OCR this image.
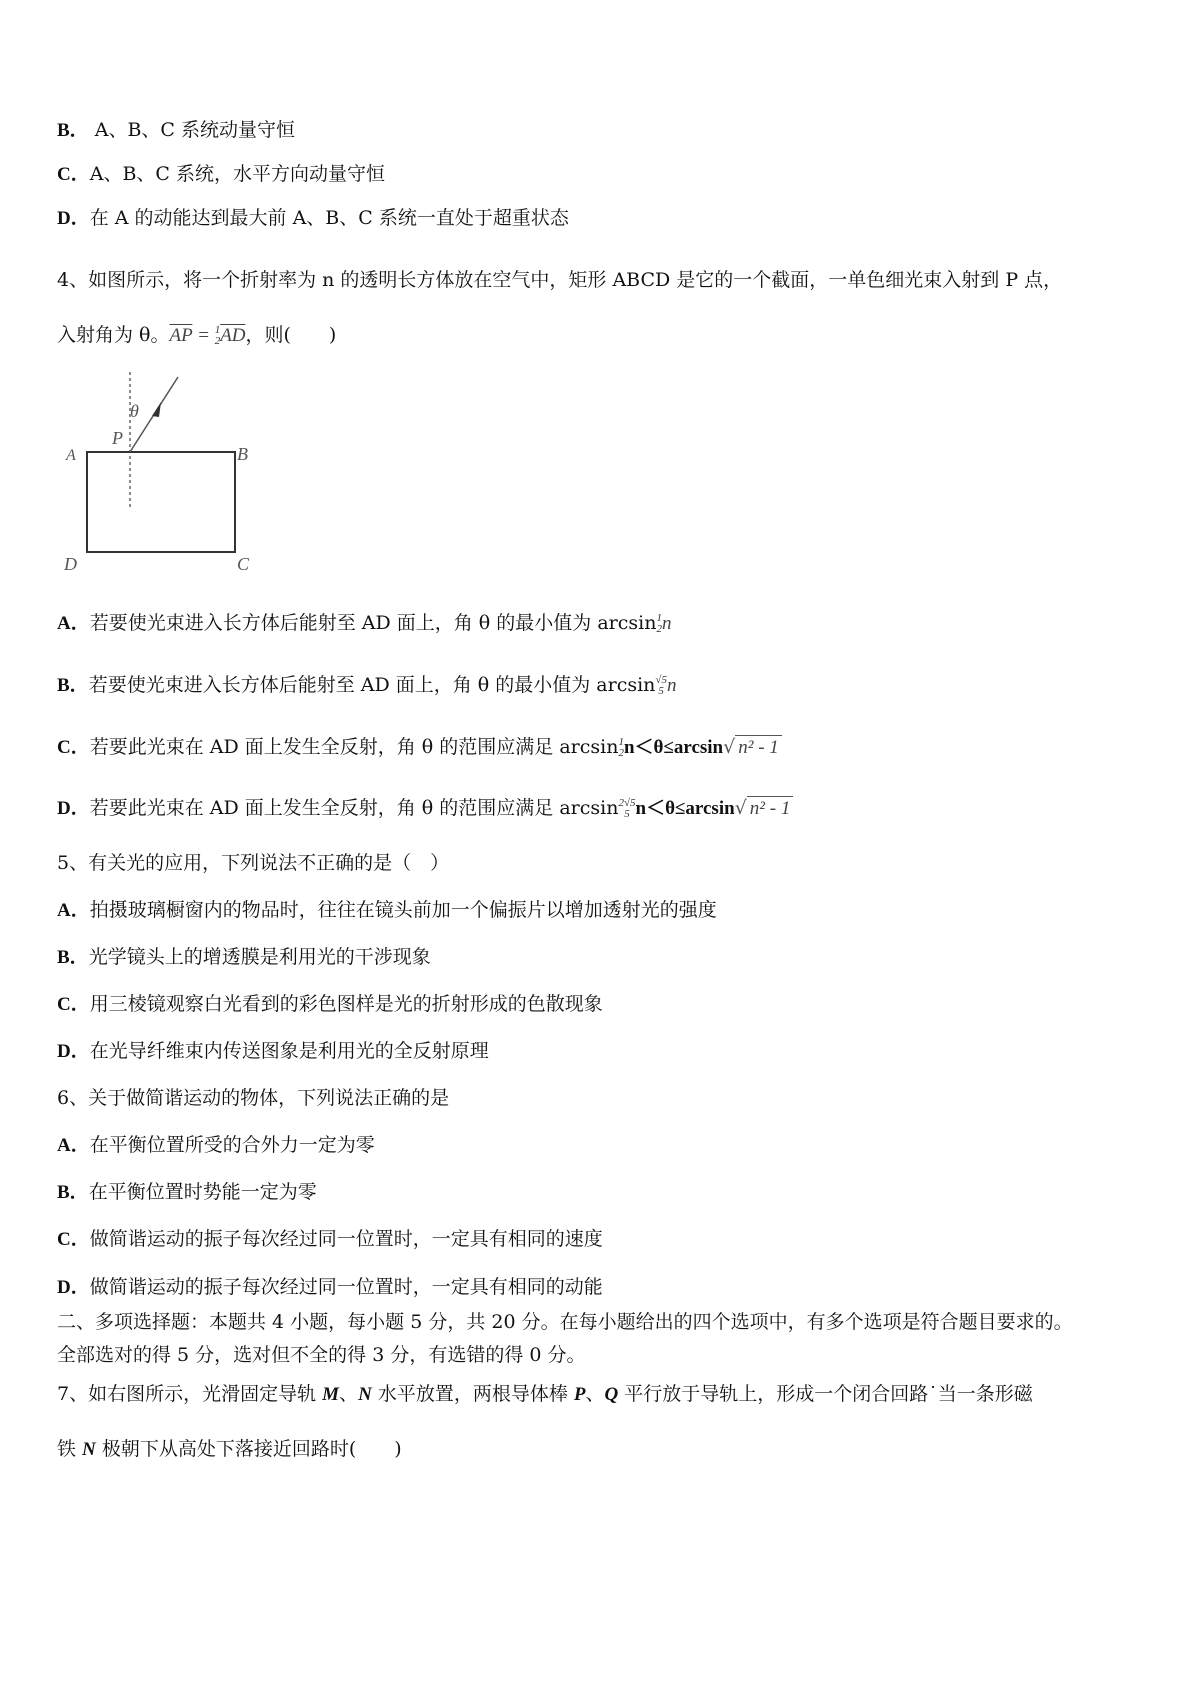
B． A、B、C 系统动量守恒
C．A、B、C 系统，水平方向动量守恒
D．在 A 的动能达到最大前 A、B、C 系统一直处于超重状态
4、如图所示，将一个折射率为 n 的透明长方体放在空气中，矩形 ABCD 是它的一个截面，一单色细光束入射到 P 点，
入射角为 θ。$\overline{AP} = 1$
2 $\overline{AD}$，则(　　)
θ
P
A	B
D	C
A．若要使光束进入长方体后能射至 AD 面上，角 θ 的最小值为 arcsin 1
2 n
B．若要使光束进入长方体后能射至 AD 面上，角 θ 的最小值为 arcsin √5
5 n
C．若要此光束在 AD 面上发生全反射，角 θ 的范围应满足 arcsin 1
2 n＜θ≤arcsin√ n² - 1
D．若要此光束在 AD 面上发生全反射，角 θ 的范围应满足 arcsin 2√5
5 n＜θ≤arcsin√ n² - 1
5、有关光的应用，下列说法不正确的是（　）
A．拍摄玻璃橱窗内的物品时，往往在镜头前加一个偏振片以增加透射光的强度
B．光学镜头上的增透膜是利用光的干涉现象
C．用三棱镜观察白光看到的彩色图样是光的折射形成的色散现象
D．在光导纤维束内传送图象是利用光的全反射原理
6、关于做简谐运动的物体，下列说法正确的是
A．在平衡位置所受的合外力一定为零
B．在平衡位置时势能一定为零
C．做简谐运动的振子每次经过同一位置时，一定具有相同的速度
D．做简谐运动的振子每次经过同一位置时，一定具有相同的动能
二、多项选择题：本题共 4 小题，每小题 5 分，共 20 分。在每小题给出的四个选项中，有多个选项是符合题目要求的。
全部选对的得 5 分，选对但不全的得 3 分，有选错的得 0 分。
7、如右图所示，光滑固定导轨 M、N 水平放置，两根导体棒 P、Q 平行放于导轨上，形成一个闭合回路˙当一条形磁
铁 N 极朝下从高处下落接近回路时(　　)
